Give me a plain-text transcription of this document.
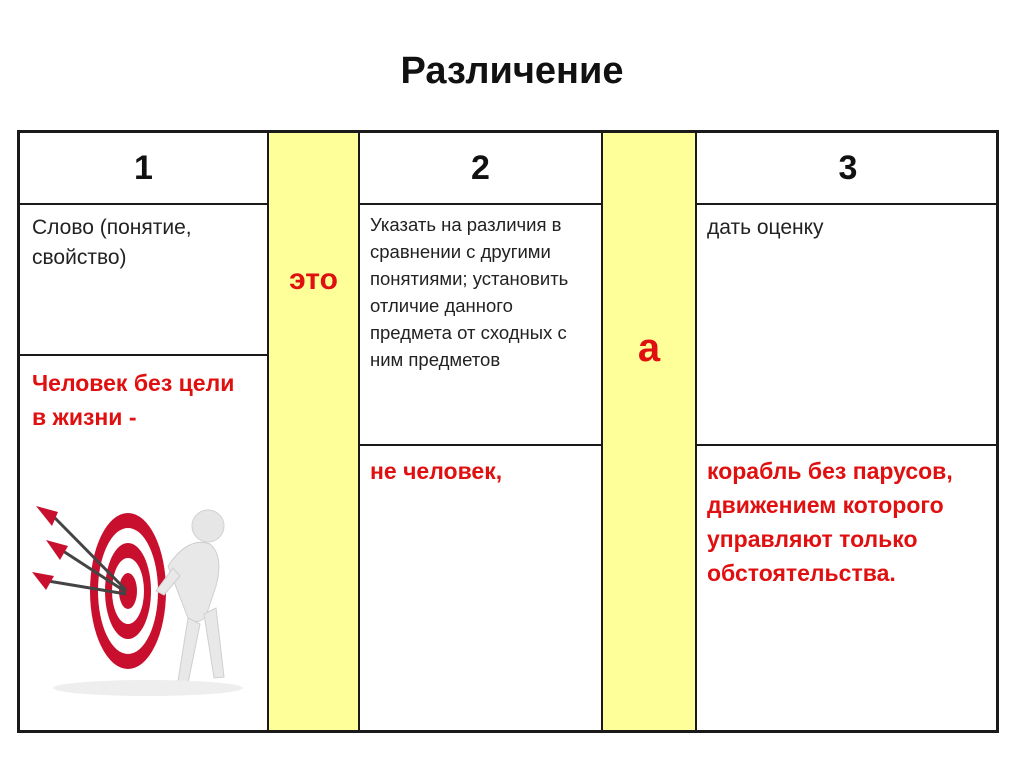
Различение
1
Слово (понятие, свойство)
Человек без цели в жизни -
это
2
Указать на различия в сравнении с другими понятиями; установить отличие данного предмета от сходных с ним предметов
не человек,
а
3
дать оценку
корабль без парусов, движением которого управляют только обстоятельства.
